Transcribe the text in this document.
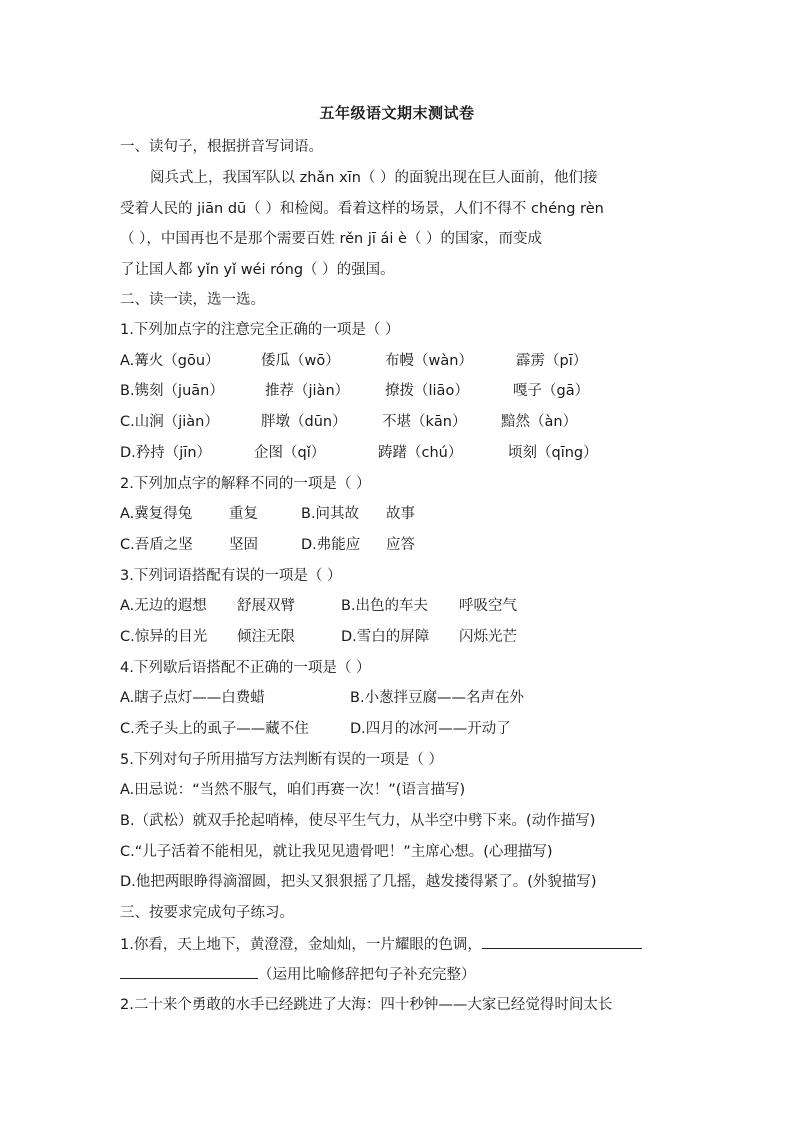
五年级语文期末测试卷
一、读句子，根据拼音写词语。
阅兵式上，我国军队以 zhǎn xīn（ ）的面貌出现在巨人面前，他们接
受着人民的 jiān dū（ ）和检阅。看着这样的场景，人们不得不 chéng rèn
（ ），中国再也不是那个需要百姓 rěn jī ái è（ ）的国家，而变成
了让国人都 yǐn yǐ wéi róng（ ）的强国。
二、读一读，选一选。
1.下列加点字的注意完全正确的一项是（ ）
A.篝火（gōu）	倭瓜（wō）	布幔（wàn）	霹雳（pī）
B.镌刻（juān）	推荐（jiàn） 撩拨（liāo）	嘎子（gā）
C.山涧（jiàn）	胖墩（dūn） 不堪（kān） 黯然（àn）
D.矜持（jīn）	企图（qǐ）	踌躇（chú）	顷刻（qīng）
2.下列加点字的解释不同的一项是（ ）
A.冀复得兔	重复	B.问其故 故事
C.吾盾之坚	坚固	D.弗能应 应答
3.下列词语搭配有误的一项是（ ）
A.无边的遐想 舒展双臂	B.出色的车夫 呼吸空气
C.惊异的目光 倾注无限	D.雪白的屏障 闪烁光芒
4.下列歇后语搭配不正确的一项是（ ）
A.瞎子点灯——白费蜡	B.小葱拌豆腐——名声在外
C.秃子头上的虱子——藏不住	D.四月的冰河——开动了
5.下列对句子所用描写方法判断有误的一项是（ ）
A.田忌说：“当然不服气，咱们再赛一次！”(语言描写)
B.（武松）就双手抡起哨棒，使尽平生气力，从半空中劈下来。(动作描写)
C.“儿子活着不能相见，就让我见见遗骨吧！”主席心想。(心理描写)
D.他把两眼睁得滴溜圆，把头又狠狠摇了几摇，越发搂得紧了。(外貌描写)
三、按要求完成句子练习。
1.你看，天上地下，黄澄澄，金灿灿，一片耀眼的色调，
（运用比喻修辞把句子补充完整）
2.二十来个勇敢的水手已经跳进了大海：四十秒钟——大家已经觉得时间太长
